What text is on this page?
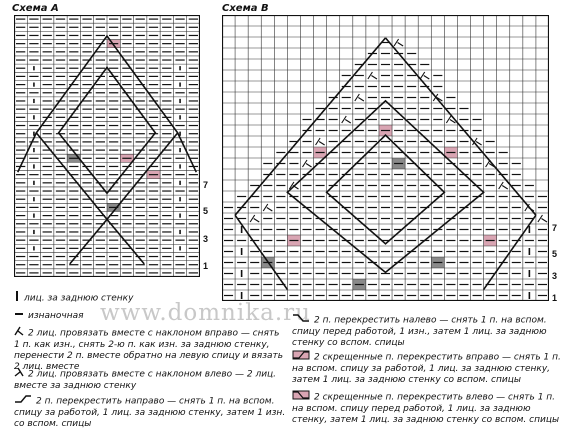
Схема А	Схема В
7
5
3
1
7
5
3
1
www.domnika.ru
лиц. за заднюю стенку
изнаночная
2 лиц. провязать вместе с наклоном вправо — снять 1 п. как изн., снять 2-ю п. как изн. за заднюю стенку, перенести 2 п. вместе обратно на левую спицу и вязать 2 лиц. вместе
2 лиц. провязать вместе с наклоном влево — 2 лиц. вместе за заднюю стенку
2 п. перекрестить направо — снять 1 п. на вспом. спицу за работой, 1 лиц. за заднюю стенку, затем 1 изн. со вспом. спицы
2 п. перекрестить налево — снять 1 п. на вспом. спицу перед работой, 1 изн., затем 1 лиц. за заднюю стенку со вспом. спицы
2 скрещенные п. перекрестить вправо — снять 1 п. на вспом. спицу за работой, 1 лиц. за заднюю стенку, затем 1 лиц. за заднюю стенку со вспом. спицы
2 скрещенные п. перекрестить влево — снять 1 п. на вспом. спицу перед работой, 1 лиц. за заднюю стенку, затем 1 лиц. за заднюю стенку со вспом. спицы
